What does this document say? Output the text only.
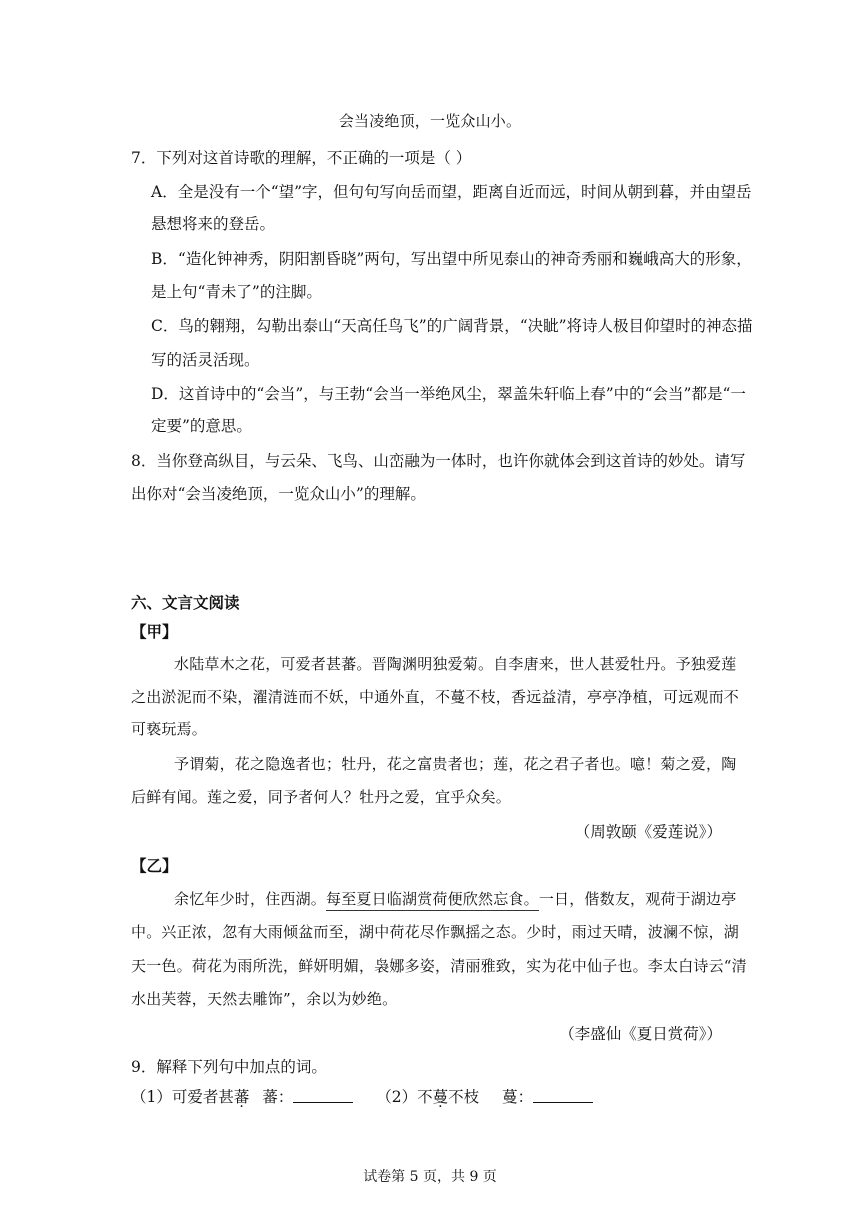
会当凌绝顶，一览众山小。
7．下列对这首诗歌的理解，不正确的一项是（ ）
A．全是没有一个“望”字，但句句写向岳而望，距离自近而远，时间从朝到暮，并由望岳
悬想将来的登岳。
B．“造化钟神秀，阴阳割昏晓”两句，写出望中所见泰山的神奇秀丽和巍峨高大的形象，
是上句“青未了”的注脚。
C．鸟的翱翔，勾勒出泰山“天高任鸟飞”的广阔背景，“决眦”将诗人极目仰望时的神态描
写的活灵活现。
D．这首诗中的“会当”，与王勃“会当一举绝风尘，翠盖朱轩临上春”中的“会当”都是“一
定要”的意思。
8．当你登高纵目，与云朵、飞鸟、山峦融为一体时，也许你就体会到这首诗的妙处。请写
出你对“会当凌绝顶，一览众山小”的理解。
六、文言文阅读
【甲】
水陆草木之花，可爱者甚蕃。晋陶渊明独爱菊。自李唐来，世人甚爱牡丹。予独爱莲
之出淤泥而不染，濯清涟而不妖，中通外直，不蔓不枝，香远益清，亭亭净植，可远观而不
可亵玩焉。
予谓菊，花之隐逸者也；牡丹，花之富贵者也；莲，花之君子者也。噫！菊之爱，陶
后鲜有闻。莲之爱，同予者何人？牡丹之爱，宜乎众矣。
（周敦颐《爱莲说》）
【乙】
余忆年少时，住西湖。每至夏日临湖赏荷便欣然忘食。一日，偕数友，观荷于湖边亭
中。兴正浓，忽有大雨倾盆而至，湖中荷花尽作飘摇之态。少时，雨过天晴，波澜不惊，湖
天一色。荷花为雨所洗，鲜妍明媚，袅娜多姿，清丽雅致，实为花中仙子也。李太白诗云“清
水出芙蓉，天然去雕饰”，余以为妙绝。
（李盛仙《夏日赏荷》）
9．解释下列句中加点的词。
（1）可爱者甚蕃 蕃：	（2）不蔓不枝 蔓：
试卷第 5 页，共 9 页
